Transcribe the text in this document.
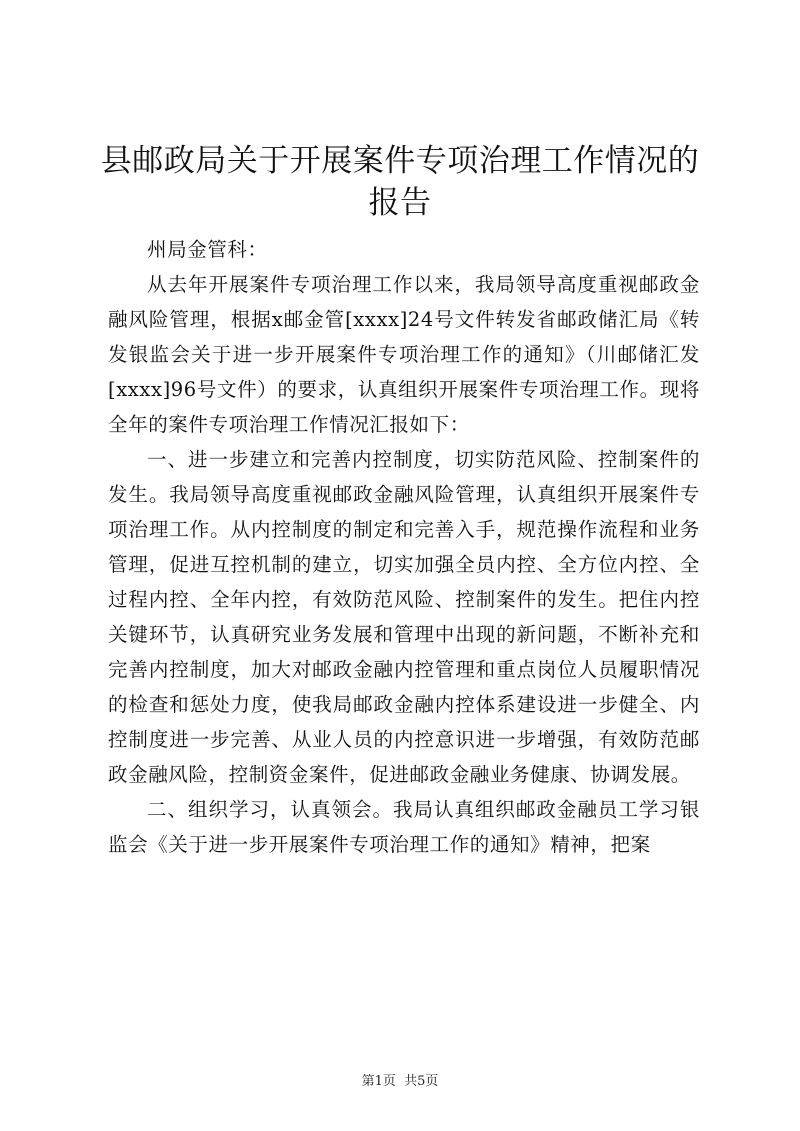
县邮政局关于开展案件专项治理工作情况的报告

州局金管科：

从去年开展案件专项治理工作以来，我局领导高度重视邮政金融风险管理，根据x邮金管[xxxx]24号文件转发省邮政储汇局《转发银监会关于进一步开展案件专项治理工作的通知》（川邮储汇发[xxxx]96号文件）的要求，认真组织开展案件专项治理工作。现将全年的案件专项治理工作情况汇报如下：

一、进一步建立和完善内控制度，切实防范风险、控制案件的发生。我局领导高度重视邮政金融风险管理，认真组织开展案件专项治理工作。从内控制度的制定和完善入手，规范操作流程和业务管理，促进互控机制的建立，切实加强全员内控、全方位内控、全过程内控、全年内控，有效防范风险、控制案件的发生。把住内控关键环节，认真研究业务发展和管理中出现的新问题，不断补充和完善内控制度，加大对邮政金融内控管理和重点岗位人员履职情况的检查和惩处力度，使我局邮政金融内控体系建设进一步健全、内控制度进一步完善、从业人员的内控意识进一步增强，有效防范邮政金融风险，控制资金案件，促进邮政金融业务健康、协调发展。

二、组织学习，认真领会。我局认真组织邮政金融员工学习银监会《关于进一步开展案件专项治理工作的通知》精神，把案

第1页 共5页
